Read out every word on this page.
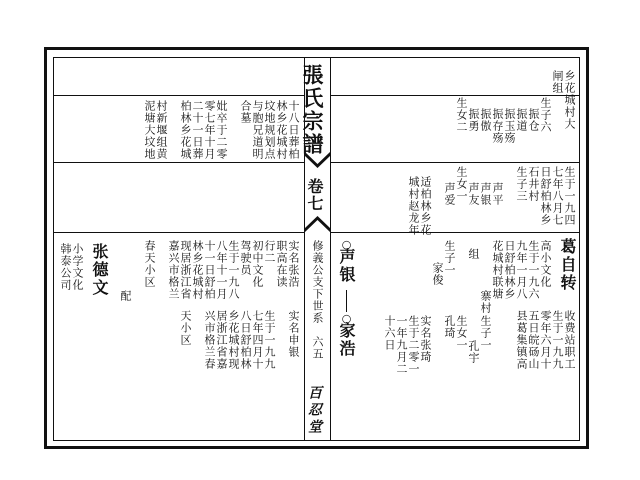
張氏宗譜
卷七
修義公支下世系
六五
百忍堂
乡花城村大
闸组
生子六
振仓
振道
振玉殇
振存殇
振傲
振勇
生女二
生于一九四
七年八月七
日舒柏林乡
石井村
生子三
声平
声银
声友
声爱 生女一
适柏林乡花
城村赵龙年
组	葛自转
收费站职工
生于一九九
零年六月十
五日皖砀山
县葛集镇高
高小文化
生于一九六
九年一月八
日舒柏林乡
花城村联塘
寨村
生子一
家俊
生子一
孔宇
生女一
孔琦
实名张琦
生于二零一
一年九月二
十六日
○
声银
○
家浩
十八日葬柏
林乡花城村
坟地规划点
与胞兄道明
合墓
妣卒于二零
零七年十月
二十一日葬
柏林乡花城
村新堰组黄
泥塘大坟地
实名张浩
实名申银
职高在读
行二
初中文化
驾驶员
生于一九八
八年十一月
十一日舒柏
林乡花城村
现居浙江省
嘉兴市格兰
春天小区
生于一九九
七年四月十
八日舒柏林
乡花城村现
居浙江省嘉
兴市格兰春
天小区
配
张德文
小学文化
韩泰公司
